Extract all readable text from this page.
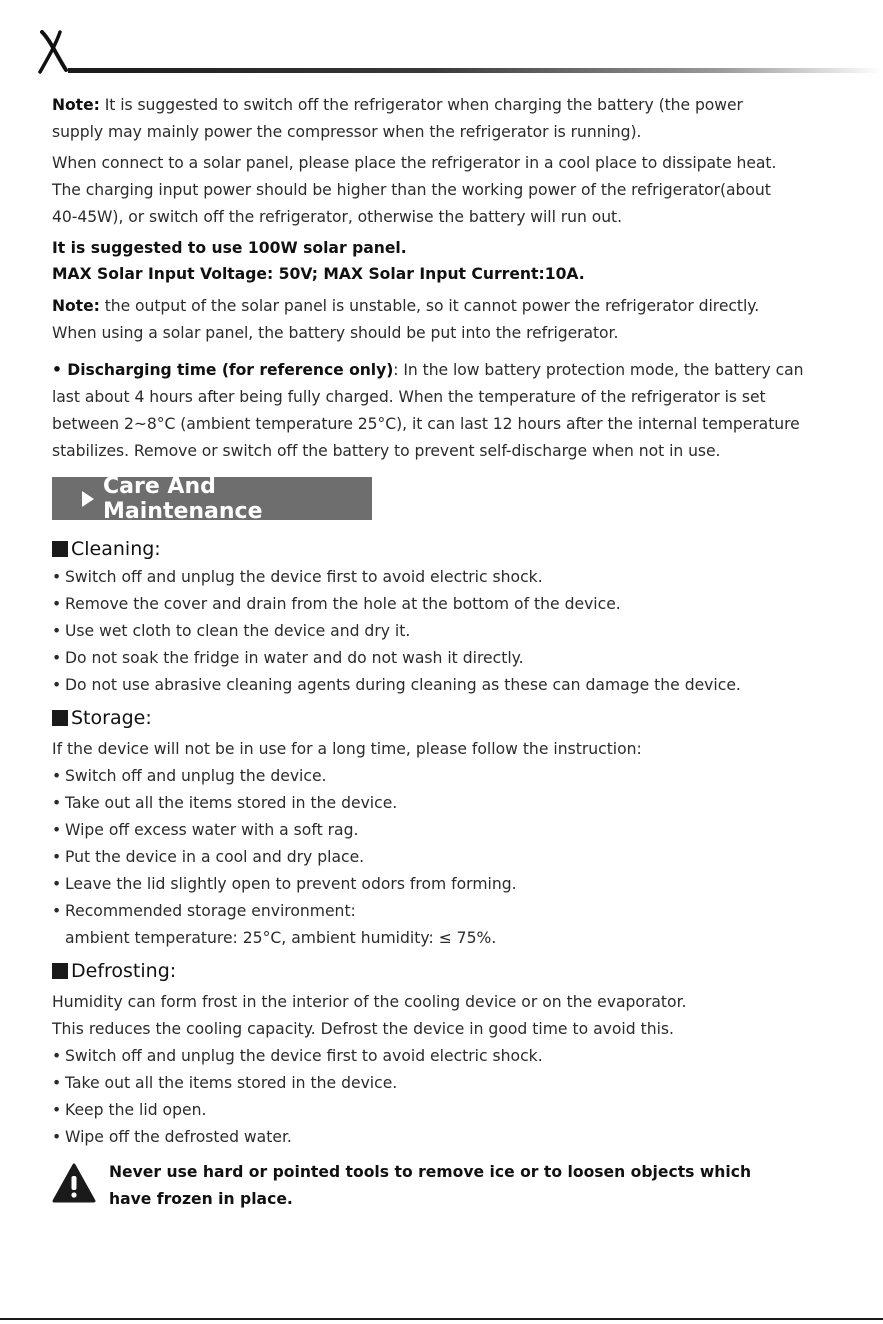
Note: It is suggested to switch off the refrigerator when charging the battery (the power
supply may mainly power the compressor when the refrigerator is running).

When connect to a solar panel, please place the refrigerator in a cool place to dissipate heat.
The charging input power should be higher than the working power of the refrigerator(about
40-45W), or switch off the refrigerator, otherwise the battery will run out.

It is suggested to use 100W solar panel.

MAX Solar Input Voltage: 50V; MAX Solar Input Current:10A.

Note: the output of the solar panel is unstable, so it cannot power the refrigerator directly.
When using a solar panel, the battery should be put into the refrigerator.

• Discharging time (for reference only): In the low battery protection mode, the battery can
last about 4 hours after being fully charged. When the temperature of the refrigerator is set
between 2~8°C (ambient temperature 25°C), it can last 12 hours after the internal temperature
stabilizes. Remove or switch off the battery to prevent self-discharge when not in use.

Care And Maintenance
Cleaning:
• Switch off and unplug the device first to avoid electric shock.
• Remove the cover and drain from the hole at the bottom of the device.
• Use wet cloth to clean the device and dry it.
• Do not soak the fridge in water and do not wash it directly.
• Do not use abrasive cleaning agents during cleaning as these can damage the device.
Storage:
If the device will not be in use for a long time, please follow the instruction:
• Switch off and unplug the device.
• Take out all the items stored in the device.
• Wipe off excess water with a soft rag.
• Put the device in a cool and dry place.
• Leave the lid slightly open to prevent odors from forming.
• Recommended storage environment:
ambient temperature: 25°C, ambient humidity: ≤ 75%.
Defrosting:
Humidity can form frost in the interior of the cooling device or on the evaporator.
This reduces the cooling capacity. Defrost the device in good time to avoid this.
• Switch off and unplug the device first to avoid electric shock.
• Take out all the items stored in the device.
• Keep the lid open.
• Wipe off the defrosted water.
Never use hard or pointed tools to remove ice or to loosen objects which
have frozen in place.
